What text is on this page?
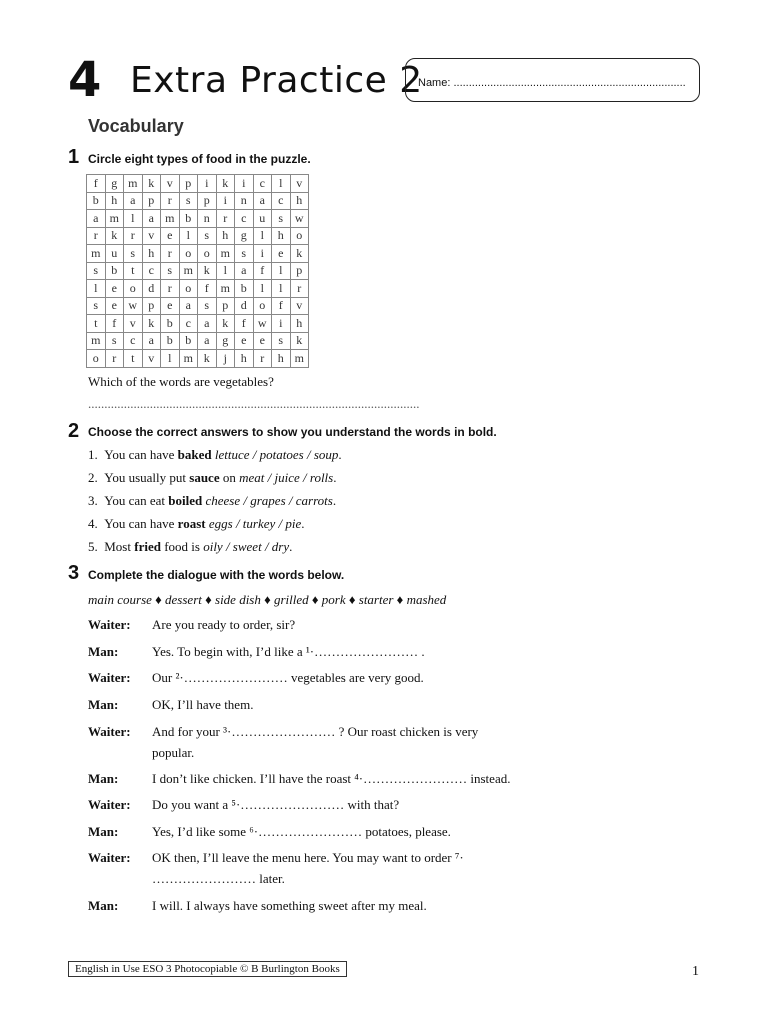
4 Extra Practice 2
Name: ............................................................................
Vocabulary
1 Circle eight types of food in the puzzle.
f	g	m	k	v	p	i	k	i	c	l	v
b	h	a	p	r	s	p	i	n	a	c	h
a	m	l	a	m	b	n	r	c	u	s	w
r	k	r	v	e	l	s	h	g	l	h	o
m	u	s	h	r	o	o	m	s	i	e	k
s	b	t	c	s	m	k	l	a	f	l	p
l	e	o	d	r	o	f	m	b	l	l	r
s	e	w	p	e	a	s	p	d	o	f	v
t	f	v	k	b	c	a	k	f	w	i	h
m	s	c	a	b	b	a	g	e	e	s	k
o	r	t	v	l	m	k	j	h	r	h	m
Which of the words are vegetables?
......................................................................................................
2 Choose the correct answers to show you understand the words in bold.
1. You can have baked lettuce / potatoes / soup.
2. You usually put sauce on meat / juice / rolls.
3. You can eat boiled cheese / grapes / carrots.
4. You can have roast eggs / turkey / pie.
5. Most fried food is oily / sweet / dry.
3 Complete the dialogue with the words below.
main course ♦ dessert ♦ side dish ♦ grilled ♦ pork ♦ starter ♦ mashed
Waiter: Are you ready to order, sir?
Man:	Yes. To begin with, I’d like a ¹·…………………… .
Waiter: Our ²·…………………… vegetables are very good.
Man:	OK, I’ll have them.
Waiter: And for your ³·…………………… ? Our roast chicken is very
popular.
Man:	I don’t like chicken. I’ll have the roast ⁴·…………………… instead.
Waiter: Do you want a ⁵·…………………… with that?
Man:	Yes, I’d like some ⁶·…………………… potatoes, please.
Waiter: OK then, I’ll leave the menu here. You may want to order ⁷·
…………………… later.
Man:	I will. I always have something sweet after my meal.
English in Use ESO 3 Photocopiable © B Burlington Books	1
